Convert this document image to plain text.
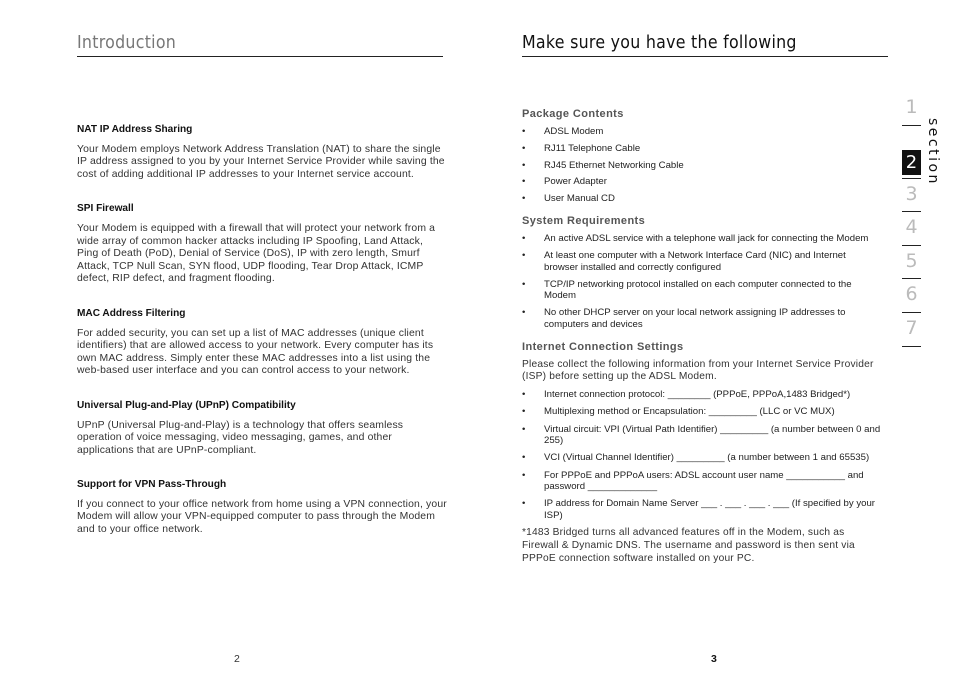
Introduction	Make sure you have the following
NAT IP Address Sharing

Your Modem employs Network Address Translation (NAT) to share the single IP address assigned to you by your Internet Service Provider while saving the cost of adding additional IP addresses to your Internet service account.

SPI Firewall

Your Modem is equipped with a firewall that will protect your network from a wide array of common hacker attacks including IP Spoofing, Land Attack, Ping of Death (PoD), Denial of Service (DoS), IP with zero length, Smurf Attack, TCP Null Scan, SYN flood, UDP flooding, Tear Drop Attack, ICMP defect, RIP defect, and fragment flooding.

MAC Address Filtering

For added security, you can set up a list of MAC addresses (unique client identifiers) that are allowed access to your network. Every computer has its own MAC address. Simply enter these MAC addresses into a list using the web-based user interface and you can control access to your network.

Universal Plug-and-Play (UPnP) Compatibility

UPnP (Universal Plug-and-Play) is a technology that offers seamless operation of voice messaging, video messaging, games, and other applications that are UPnP-compliant.

Support for VPN Pass-Through

If you connect to your office network from home using a VPN connection, your Modem will allow your VPN-equipped computer to pass through the Modem and to your office network.

Package Contents
• ADSL Modem
• RJ11 Telephone Cable
• RJ45 Ethernet Networking Cable
• Power Adapter
• User Manual CD
System Requirements
• An active ADSL service with a telephone wall jack for connecting the Modem
• At least one computer with a Network Interface Card (NIC) and Internet browser installed and correctly configured
• TCP/IP networking protocol installed on each computer connected to the Modem
• No other DHCP server on your local network assigning IP addresses to computers and devices
Internet Connection Settings

Please collect the following information from your Internet Service Provider (ISP) before setting up the ADSL Modem.

• Internet connection protocol: ________ (PPPoE, PPPoA,1483 Bridged*)
• Multiplexing method or Encapsulation: _________ (LLC or VC MUX)
• Virtual circuit: VPI (Virtual Path Identifier) _________ (a number between 0 and 255)
• VCI (Virtual Channel Identifier) _________ (a number between 1 and 65535)
• For PPPoE and PPPoA users: ADSL account user name ___________ and password _____________
• IP address for Domain Name Server ___ . ___ . ___ . ___ (If specified by your ISP)

*1483 Bridged turns all advanced features off in the Modem, such as Firewall & Dynamic DNS. The username and password is then sent via PPPoE connection software installed on your PC.

2	3
1
2
3
4
5
6
7
section
